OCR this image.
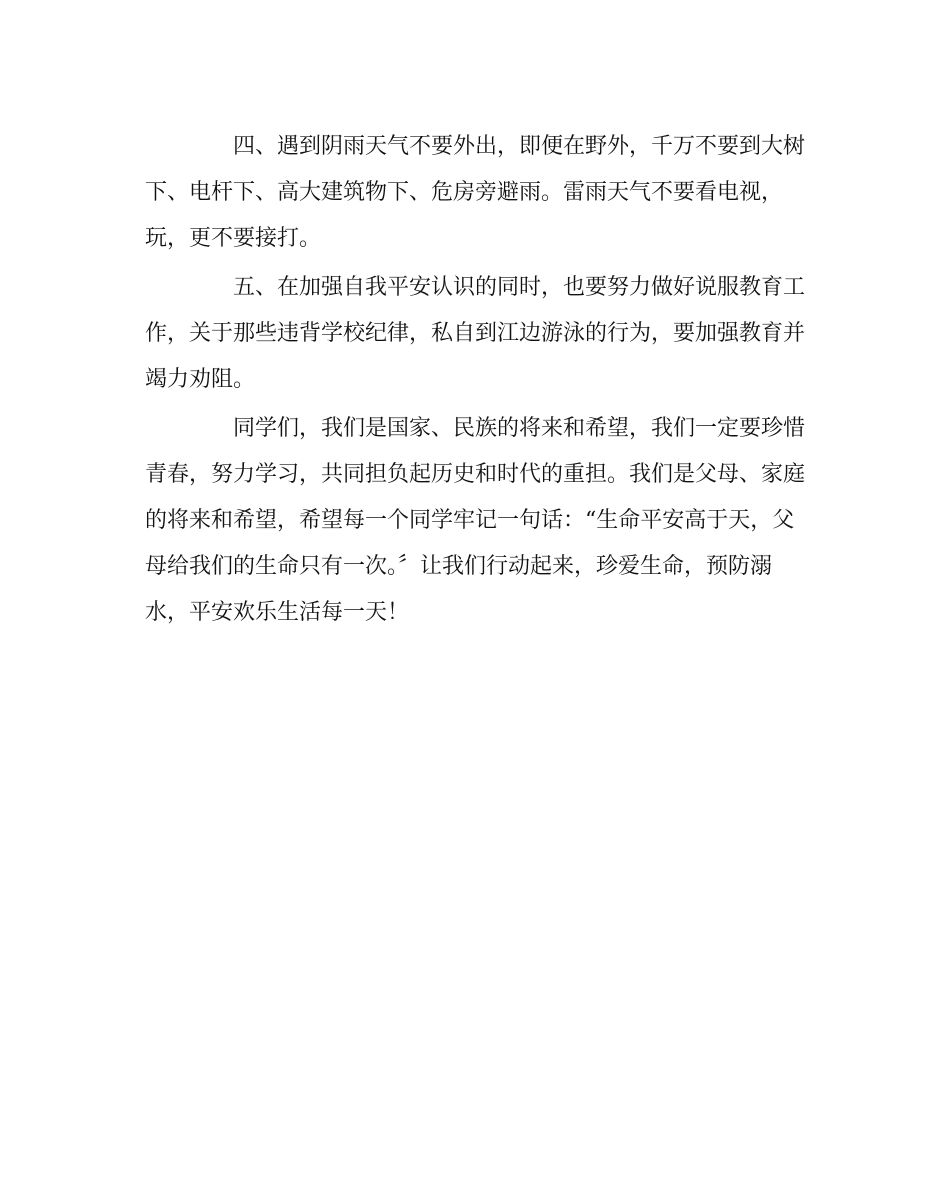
四、遇到阴雨天气不要外出，即便在野外，千万不要到大树
下、电杆下、高大建筑物下、危房旁避雨。雷雨天气不要看电视，
玩，更不要接打。

五、在加强自我平安认识的同时，也要努力做好说服教育工
作，关于那些违背学校纪律，私自到江边游泳的行为，要加强教育并
竭力劝阻。

同学们，我们是国家、民族的将来和希望，我们一定要珍惜
青春，努力学习，共同担负起历史和时代的重担。我们是父母、家庭
的将来和希望，希望每一个同学牢记一句话：“生命平安高于天，父
母给我们的生命只有一次。〞让我们行动起来，珍爱生命，预防溺
水，平安欢乐生活每一天！
